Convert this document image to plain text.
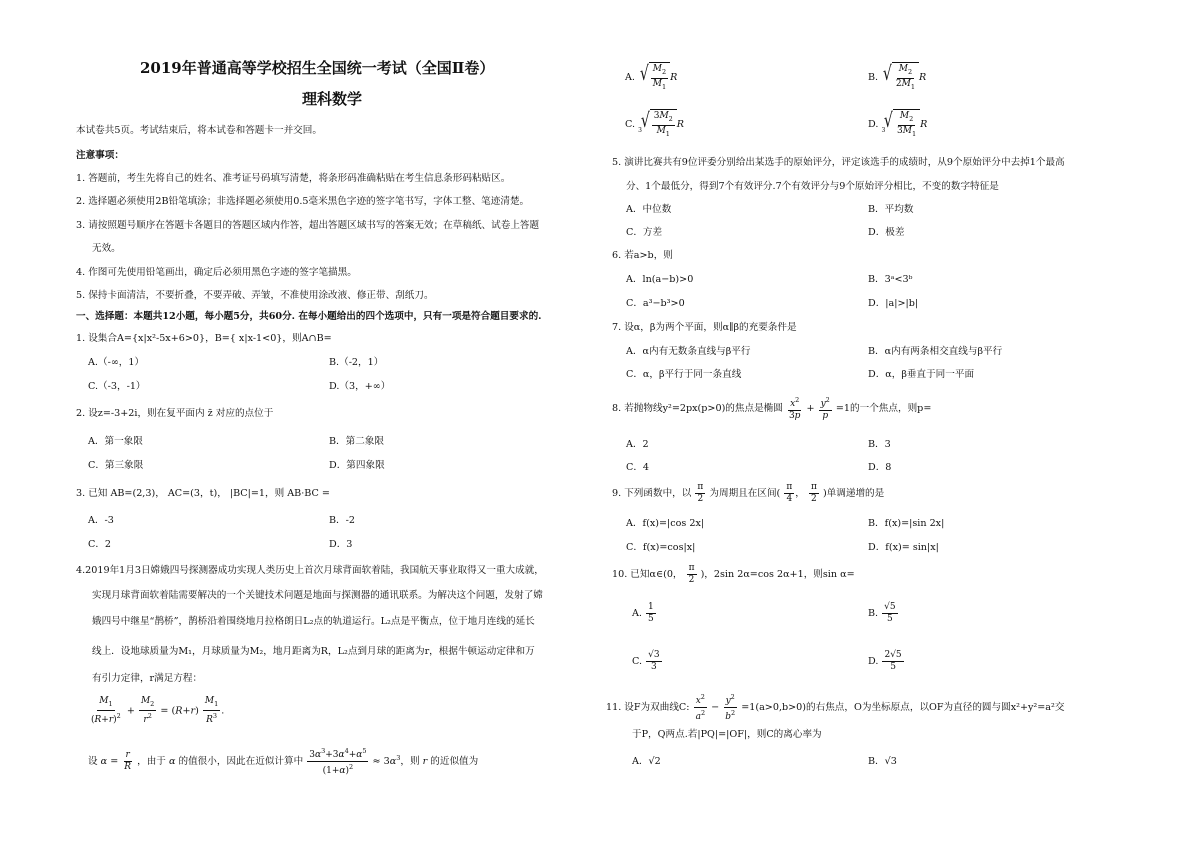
2019年普通高等学校招生全国统一考试（全国Ⅱ卷）
理科数学
本试卷共5页。考试结束后，将本试卷和答题卡一并交回。
注意事项：
1. 答题前，考生先将自己的姓名、准考证号码填写清楚，将条形码准确粘贴在考生信息条形码粘贴区。
2. 选择题必须使用2B铅笔填涂；非选择题必须使用0.5毫米黑色字迹的签字笔书写，字体工整、笔迹清楚。
3. 请按照题号顺序在答题卡各题目的答题区域内作答，超出答题区域书写的答案无效；在草稿纸、试卷上答题
无效。
4. 作图可先使用铅笔画出，确定后必须用黑色字迹的签字笔描黑。
5. 保持卡面清洁，不要折叠，不要弄破、弄皱，不准使用涂改液、修正带、刮纸刀。
一、选择题：本题共12小题，每小题5分，共60分. 在每小题给出的四个选项中，只有一项是符合题目要求的.
1. 设集合A={x|x²-5x+6>0}，B={ x|x-1<0}，则A∩B=
A.（-∞，1）	B.（-2，1）
C.（-3，-1）	D.（3，+∞）
2. 设z=-3+2i，则在复平面内 z̄ 对应的点位于
A．第一象限	B．第二象限
C．第三象限	D．第四象限
3. 已知 AB=(2,3)， AC=(3，t)， |BC|=1，则 AB·BC =
A．-3	B．-2
C．2	D．3
4.2019年1月3日嫦娥四号探测器成功实现人类历史上首次月球背面软着陆，我国航天事业取得又一重大成就，
实现月球背面软着陆需要解决的一个关键技术问题是地面与探测器的通讯联系。为解决这个问题，发射了嫦
娥四号中继星“鹊桥”，鹊桥沿着围绕地月拉格朗日L₂点的轨道运行。L₂点是平衡点，位于地月连线的延长
线上．设地球质量为M₁，月球质量为M₂，地月距离为R，L₂点到月球的距离为r，根据牛顿运动定律和万
有引力定律，r满足方程：
$\frac{M_1}{(R+r)^2} + \frac{M_2}{r^2} = (R+r) \frac{M_1}{R^3}$ .
设 $\alpha = \frac{r}{R}$ ，由于 α 的值很小，因此在近似计算中 $\frac{3\alpha^3+3\alpha^4+\alpha^5}{(1+\alpha)^2} \approx 3\alpha^3$，则 r 的近似值为
A. √ $\frac{M_2}{M_1}$ R	B. √ $\frac{M_2}{2M_1}$ R
C.
3
√ $\frac{3M_2}{M_1}$ R	D.
3
√ $\frac{M_2}{3M_1}$ R
5. 演讲比赛共有9位评委分别给出某选手的原始评分，评定该选手的成绩时，从9个原始评分中去掉1个最高
分、1个最低分，得到7个有效评分.7个有效评分与9个原始评分相比，不变的数字特征是
A．中位数	B．平均数
C．方差	D．极差
6. 若a>b，则
A．ln(a−b)>0	B．3ᵃ<3ᵇ
C．a³−b³>0	D．|a|>|b|
7. 设α，β为两个平面，则α∥β的充要条件是
A．α内有无数条直线与β平行	B．α内有两条相交直线与β平行
C．α，β平行于同一条直线	D．α，β垂直于同一平面
8. 若抛物线y²=2px(p>0)的焦点是椭圆 $\frac{x^2}{3p} + \frac{y^2}{p} =1$的一个焦点，则p=
A．2	B．3
C．4	D．8
9. 下列函数中，以 $\frac{\pi}{2}$ 为周期且在区间( $\frac{\pi}{4}$ ， $\frac{\pi}{2}$ )单调递增的是
A．f(x)=|cos 2x|	B．f(x)=|sin 2x|
C．f(x)=cos|x|	D．f(x)= sin|x|
10. 已知α∈(0， $\frac{\pi}{2}$ )，2sin 2α=cos 2α+1，则sin α=
A. $\frac{1}{5}$	B. $\frac{√5}{5}$
C. $\frac{√3}{3}$	D. $\frac{2√5}{5}$
11. 设F为双曲线C: $\frac{x^2}{a^2} - \frac{y^2}{b^2} =1(a>0,b>0)$的右焦点，O为坐标原点，以OF为直径的圆与圆x²+y²=a²交
于P，Q两点.若|PQ|=|OF|，则C的离心率为
A．√2	B．√3
